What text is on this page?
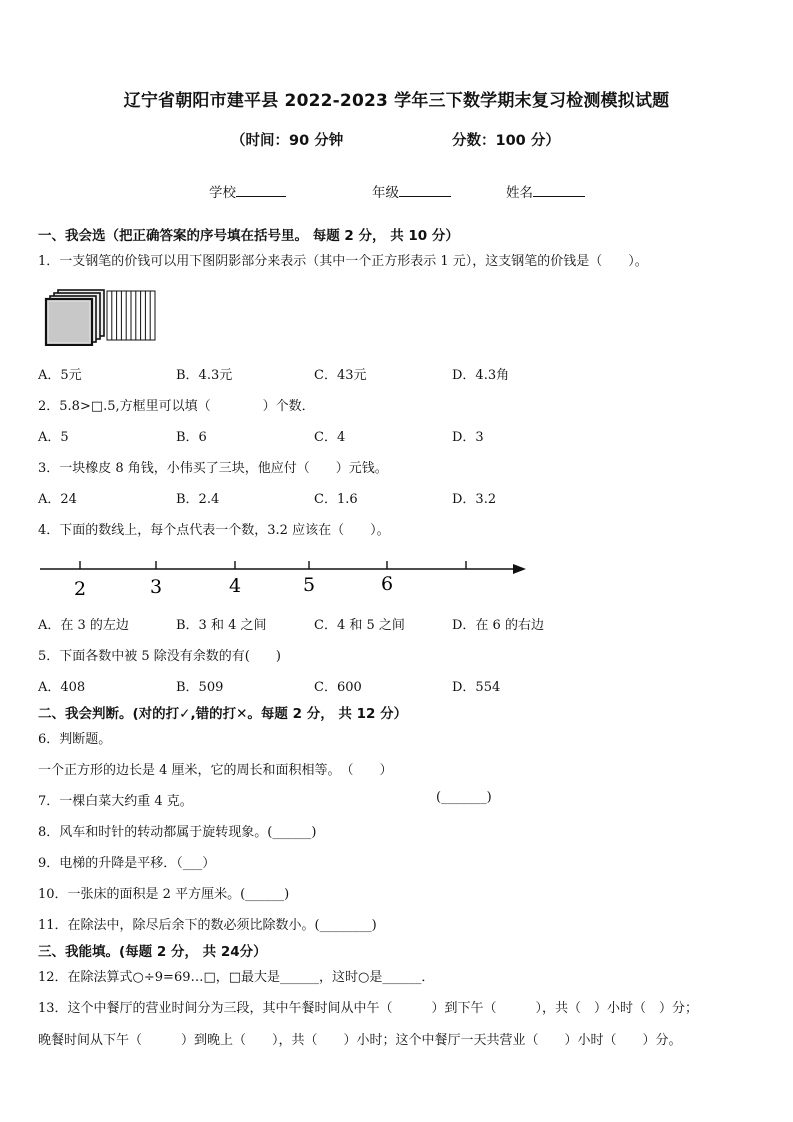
辽宁省朝阳市建平县 2022-2023 学年三下数学期末复习检测模拟试题
（时间：90 分钟	分数：100 分）
学校	年级	姓名
一、我会选（把正确答案的序号填在括号里。 每题 2 分， 共 10 分）
1．一支钢笔的价钱可以用下图阴影部分来表示（其中一个正方形表示 1 元），这支钢笔的价钱是（　　）。
A．5元	B．4.3元	C．43元	D．4.3角
2．5.8>□.5,方框里可以填（　　　　）个数．
A．5	B．6	C．4	D．3
3．一块橡皮 8 角钱，小伟买了三块，他应付（　　）元钱。
A．24	B．2.4	C．1.6	D．3.2
4．下面的数线上，每个点代表一个数，3.2 应该在（　　）。
2	3	4	5	6
A．在 3 的左边	B．3 和 4 之间	C．4 和 5 之间	D．在 6 的右边
5．下面各数中被 5 除没有余数的有(　　)
A．408	B．509	C．600	D．554
二、我会判断。(对的打✓,错的打✕。每题 2 分， 共 12 分）
6．判断题。
一个正方形的边长是 4 厘米，它的周长和面积相等。　（　　）
7．一棵白菜大约重 4 克。	(_______)
8．风车和时针的转动都属于旋转现象。(______)
9．电梯的升降是平移．（___）
10．一张床的面积是 2 平方厘米。(______)
11．在除法中，除尽后余下的数必须比除数小。(________)
三、我能填。(每题 2 分， 共 24分）
12．在除法算式○÷9=69…□，□最大是______，这时○是______．
13．这个中餐厅的营业时间分为三段，其中午餐时间从中午（　　　）到下午（　　　），共（　）小时（　）分；
晚餐时间从下午（　　　）到晚上（　　），共（　　）小时；这个中餐厅一天共营业（　　）小时（　　）分。
